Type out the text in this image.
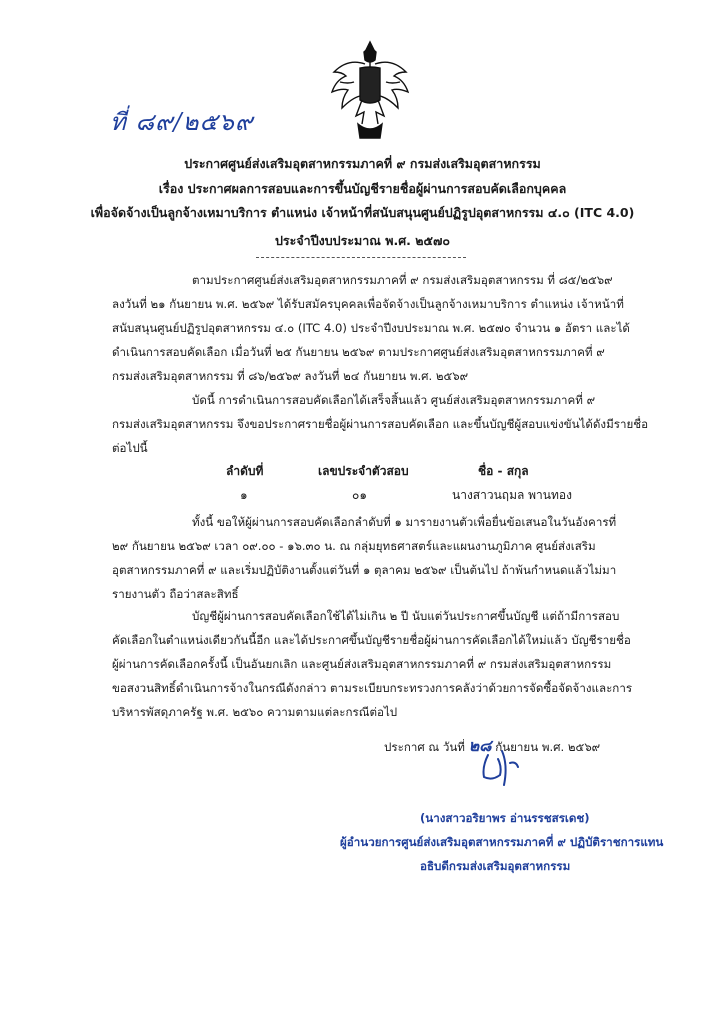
ที่ ๘๙/๒๕๖๙
ประกาศศูนย์ส่งเสริมอุตสาหกรรมภาคที่ ๙ กรมส่งเสริมอุตสาหกรรม
เรื่อง ประกาศผลการสอบและการขึ้นบัญชีรายชื่อผู้ผ่านการสอบคัดเลือกบุคคล
เพื่อจัดจ้างเป็นลูกจ้างเหมาบริการ ตำแหน่ง เจ้าหน้าที่สนับสนุนศูนย์ปฏิรูปอุตสาหกรรม ๔.๐ (ITC 4.0)
ประจำปีงบประมาณ พ.ศ. ๒๕๗๐
ตามประกาศศูนย์ส่งเสริมอุตสาหกรรมภาคที่ ๙ กรมส่งเสริมอุตสาหกรรม ที่ ๘๕/๒๕๖๙
ลงวันที่ ๒๑ กันยายน พ.ศ. ๒๕๖๙ ได้รับสมัครบุคคลเพื่อจัดจ้างเป็นลูกจ้างเหมาบริการ ตำแหน่ง เจ้าหน้าที่
สนับสนุนศูนย์ปฏิรูปอุตสาหกรรม ๔.๐ (ITC 4.0) ประจำปีงบประมาณ พ.ศ. ๒๕๗๐ จำนวน ๑ อัตรา และได้
ดำเนินการสอบคัดเลือก เมื่อวันที่ ๒๕ กันยายน ๒๕๖๙ ตามประกาศศูนย์ส่งเสริมอุตสาหกรรมภาคที่ ๙
กรมส่งเสริมอุตสาหกรรม ที่ ๘๖/๒๕๖๙ ลงวันที่ ๒๔ กันยายน พ.ศ. ๒๕๖๙
บัดนี้ การดำเนินการสอบคัดเลือกได้เสร็จสิ้นแล้ว ศูนย์ส่งเสริมอุตสาหกรรมภาคที่ ๙
กรมส่งเสริมอุตสาหกรรม จึงขอประกาศรายชื่อผู้ผ่านการสอบคัดเลือก และขึ้นบัญชีผู้สอบแข่งขันได้ดังมีรายชื่อ
ต่อไปนี้
ลำดับที่	เลขประจำตัวสอบ	ชื่อ - สกุล
๑	๐๑	นางสาวนฤมล พานทอง
ทั้งนี้ ขอให้ผู้ผ่านการสอบคัดเลือกลำดับที่ ๑ มารายงานตัวเพื่อยื่นข้อเสนอในวันอังคารที่
๒๙ กันยายน ๒๕๖๙ เวลา ๐๙.๐๐ - ๑๖.๓๐ น. ณ กลุ่มยุทธศาสตร์และแผนงานภูมิภาค ศูนย์ส่งเสริม
อุตสาหกรรมภาคที่ ๙ และเริ่มปฏิบัติงานตั้งแต่วันที่ ๑ ตุลาคม ๒๕๖๙ เป็นต้นไป ถ้าพ้นกำหนดแล้วไม่มา
รายงานตัว ถือว่าสละสิทธิ์
บัญชีผู้ผ่านการสอบคัดเลือกใช้ได้ไม่เกิน ๒ ปี นับแต่วันประกาศขึ้นบัญชี แต่ถ้ามีการสอบ
คัดเลือกในตำแหน่งเดียวกันนี้อีก และได้ประกาศขึ้นบัญชีรายชื่อผู้ผ่านการคัดเลือกได้ใหม่แล้ว บัญชีรายชื่อ
ผู้ผ่านการคัดเลือกครั้งนี้ เป็นอันยกเลิก และศูนย์ส่งเสริมอุตสาหกรรมภาคที่ ๙ กรมส่งเสริมอุตสาหกรรม
ขอสงวนสิทธิ์ดำเนินการจ้างในกรณีดังกล่าว ตามระเบียบกระทรวงการคลังว่าด้วยการจัดซื้อจัดจ้างและการ
บริหารพัสดุภาครัฐ พ.ศ. ๒๕๖๐ ความตามแต่ละกรณีต่อไป
ประกาศ ณ วันที่ ๒๘ กันยายน พ.ศ. ๒๕๖๙
(นางสาวอริยาพร อ่านรรชสรเดช)
ผู้อำนวยการศูนย์ส่งเสริมอุตสาหกรรมภาคที่ ๙ ปฏิบัติราชการแทน
อธิบดีกรมส่งเสริมอุตสาหกรรม
